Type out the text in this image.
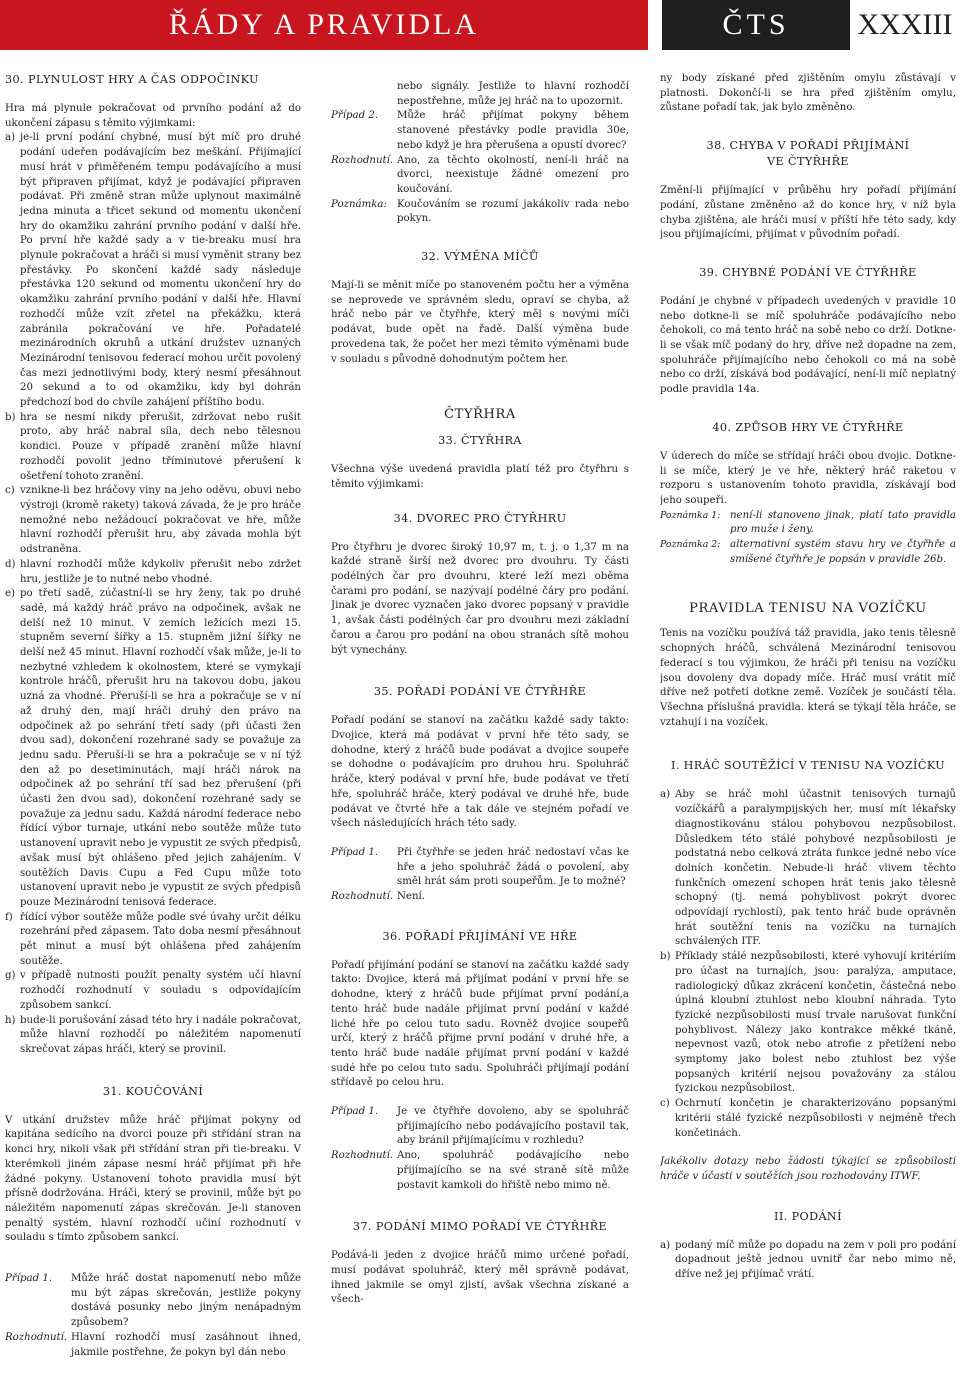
ŘÁDY A PRAVIDLA	ČTS	XXXIII
30. PLYNULOST HRY A ČAS ODPOČINKU

Hra má plynule pokračovat od prvního podání až do ukončení zápasu s těmito výjimkami:

a) je-li první podání chybné, musí být míč pro druhé podání udeřen podávajícím bez meškání. Přijímající musí hrát v přiměřeném tempu podávajícího a musí být připraven přijímat, když je podávající připraven podávat. Při změně stran může uplynout maximálně jedna minuta a třicet sekund od momentu ukončení hry do okamžiku zahrání prvního podání v další hře. Po první hře každé sady a v tie-breaku musí hra plynule pokračovat a hráči si musí vyměnit strany bez přestávky. Po skončení každé sady následuje přestávka 120 sekund od momentu ukončení hry do okamžiku zahrání prvního podání v další hře. Hlavní rozhodčí může vzít zřetel na překážku, která zabránila pokračování ve hře. Pořadatelé mezinárodních okruhů a utkání družstev uznaných Mezinárodní tenisovou federací mohou určit povolený čas mezi jednotlivými body, který nesmí přesáhnout 20 sekund a to od okamžiku, kdy byl dohrán předchozí bod do chvíle zahájení příštího bodu.
b) hra se nesmí nikdy přerušit, zdržovat nebo rušit proto, aby hráč nabral síla, dech nebo tělesnou kondici. Pouze v případě zranění může hlavní rozhodčí povolit jedno tříminutové přerušení k ošetření tohoto zranění.
c) vznikne-li bez hráčovy viny na jeho oděvu, obuvi nebo výstroji (kromě rakety) taková závada, že je pro hráče nemožné nebo nežádoucí pokračovat ve hře, může hlavní rozhodčí přerušit hru, aby závada mohla být odstraněna.
d) hlavní rozhodčí může kdykoliv přerušit nebo zdržet hru, jestliže je to nutné nebo vhodné.
e) po třetí sadě, zúčastní-li se hry ženy, tak po druhé sadě, má každý hráč právo na odpočinek, avšak ne delší než 10 minut. V zemích ležících mezi 15. stupněm severní šířky a 15. stupněm jižní šířky ne delší než 45 minut. Hlavní rozhodčí však může, je-li to nezbytné vzhledem k okolnostem, které se vymykají kontrole hráčů, přerušit hru na takovou dobu, jakou uzná za vhodné. Přeruší-li se hra a pokračuje se v ní až druhý den, mají hráči druhý den právo na odpočinek až po sehrání třetí sady (při účasti žen dvou sad), dokončení rozehrané sady se považuje za jednu sadu. Přeruší-li se hra a pokračuje se v ní týž den až po desetiminutách, mají hráči nárok na odpočinek až po sehrání tří sad bez přerušení (při účasti žen dvou sad), dokončení rozehrané sady se považuje za jednu sadu. Každá národní federace nebo řídící výbor turnaje, utkání nebo soutěže může tuto ustanovení upravit nebo je vypustit ze svých předpisů, avšak musí být ohlášeno před jejich zahájením. V soutěžích Davis Cupu a Fed Cupu může toto ustanovení upravit nebo je vypustit ze svých předpisů pouze Mezinárodní tenisová federace.
f) řídící výbor soutěže může podle své úvahy určit délku rozehrání před zápasem. Tato doba nesmí přesáhnout pět minut a musí být ohlášena před zahájením soutěže.
g) v případě nutnosti použít penalty systém učí hlavní rozhodčí rozhodnutí v souladu s odpovídajícím způsobem sankcí.
h) bude-li porušování zásad této hry i nadále pokračovat, může hlavní rozhodčí po náležitém napomenutí skrečovat zápas hráči, který se provinil.
31. KOUČOVÁNÍ

V utkání družstev může hráč přijímat pokyny od kapitána sedícího na dvorci pouze při střídání stran na konci hry, nikoli však při střídání stran při tie-breaku. V kterémkoli jiném zápase nesmí hráč přijímat při hře žádné pokyny. Ustanovení tohoto pravidla musí být přísně dodržována. Hráči, který se provinil, může být po náležitém napomenutí zápas skrečován. Je-li stanoven penaltý systém, hlavní rozhodčí učiní rozhodnutí v souladu s tímto způsobem sankcí.

Případ 1.	Může hráč dostat napomenutí nebo může mu být zápas skrečován, jestliže pokyny dostává posunky nebo jiným nenápadným způsobem?
Rozhodnutí. Hlavní rozhodčí musí zasáhnout ihned, jakmile postřehne, že pokyn byl dán nebo
nebo signály. Jestliže to hlavní rozhodčí nepostřehne, může jej hráč na to upozornit.
Případ 2.	Může hráč přijímat pokyny během stanovené přestávky podle pravidla 30e, nebo když je hra přerušena a opustí dvorec?
Rozhodnutí. Ano, za těchto okolností, není-li hráč na dvorci, neexistuje žádné omezení pro koučování.
Poznámka: Koučováním se rozumí jakákoliv rada nebo pokyn.
32. VÝMĚNA MÍČŮ

Mají-li se měnit míče po stanoveném počtu her a výměna se neprovede ve správném sledu, opraví se chyba, až hráč nebo pár ve čtyřhře, který měl s novými míči podávat, bude opět na řadě. Další výměna bude provedena tak, že počet her mezi těmito výměnami bude v souladu s původně dohodnutým počtem her.

ČTYŘHRA
33. ČTYŘHRA

Všechna výše uvedená pravidla platí též pro čtyřhru s těmito výjimkami:

34. DVOREC PRO ČTYŘHRU

Pro čtyřhru je dvorec široký 10,97 m, t. j. o 1,37 m na každé straně širší než dvorec pro dvouhru. Ty části podélných čar pro dvouhru, které leží mezi oběma čarami pro podání, se nazývají podélné čáry pro podání. Jinak je dvorec vyznačen jako dvorec popsaný v pravidle 1, avšak části podélných čar pro dvouhru mezi základní čarou a čarou pro podání na obou stranách sítě mohou být vynechány.

35. POŘADÍ PODÁNÍ VE ČTYŘHŘE

Pořadí podání se stanoví na začátku každé sady takto: Dvojice, která má podávat v první hře této sady, se dohodne, který z hráčů bude podávat a dvojice soupeře se dohodne o podávajícím pro druhou hru. Spoluhráč hráče, který podával v první hře, bude podávat ve třetí hře, spoluhráč hráče, který podával ve druhé hře, bude podávat ve čtvrté hře a tak dále ve stejném pořadí ve všech následujících hrách této sady.

Případ 1.	Při čtyřhře se jeden hráč nedostaví včas ke hře a jeho spoluhráč žádá o povolení, aby směl hrát sám proti soupeřům. Je to možné?
Rozhodnutí. Není.
36. POŘADÍ PŘIJÍMÁNÍ VE HŘE

Pořadí přijímání podání se stanoví na začátku každé sady takto: Dvojice, která má přijímat podání v první hře se dohodne, který z hráčů bude přijímat první podání,a tento hráč bude nadále přijímat první podání v každé liché hře po celou tuto sadu. Rovněž dvojice soupeřů určí, který z hráčů přijme první podání v druhé hře, a tento hráč bude nadále přijímat první podání v každé sudé hře po celou tuto sadu. Spoluhráči přijímají podání střídavě po celou hru.

Případ 1.	Je ve čtyřhře dovoleno, aby se spoluhráč přijímajícího nebo podávajícího postavil tak, aby bránil přijímajícímu v rozhledu?
Rozhodnutí. Ano, spoluhráč podávajícího nebo přijímajícího se na své straně sítě může postavit kamkoli do hřiště nebo mimo ně.
37. PODÁNÍ MIMO POŘADÍ VE ČTYŘHŘE

Podává-li jeden z dvojice hráčů mimo určené pořadí, musí podávat spoluhráč, který měl správně podávat, ihned jakmile se omyl zjistí, avšak všechna získané a všech-

ny body získané před zjištěním omylu zůstávají v platnosti. Dokončí-li se hra před zjištěním omylu, zůstane pořadí tak, jak bylo změněno.

38. CHYBA V POŘADÍ PŘIJÍMÁNÍ
VE ČTYŘHŘE

Změní-li přijímající v průběhu hry pořadí přijímání podání, zůstane změněno až do konce hry, v níž byla chyba zjištěna, ale hráči musí v příští hře této sady, kdy jsou přijímajícími, přijímat v původním pořadí.

39. CHYBNÉ PODÁNÍ VE ČTYŘHŘE

Podání je chybné v případech uvedených v pravidle 10 nebo dotkne-li se míč spoluhráče podávajícího nebo čehokoli, co má tento hráč na sobě nebo co drží. Dotkne-li se však míč podaný do hry, dříve než dopadne na zem, spoluhráče přijímajícího nebo čehokoli co má na sobě nebo co drží, získává bod podávající, není-li míč neplatný podle pravidla 14a.

40. ZPŮSOB HRY VE ČTYŘHŘE

V úderech do míče se střídají hráči obou dvojic. Dotkne-li se míče, který je ve hře, některý hráč raketou v rozporu s ustanovením tohoto pravidla, získávají bod jeho soupeři.

Poznámka 1: není-li stanoveno jinak, platí tato pravidla pro muže i ženy.
Poznámka 2: alternativní systém stavu hry ve čtyřhře a smíšené čtyřhře je popsán v pravidle 26b.
PRAVIDLA TENISU NA VOZÍČKU

Tenis na vozíčku používá táž pravidla, jako tenis tělesně schopných hráčů, schválená Mezinárodní tenisovou federací s tou výjimkou, že hráči při tenisu na vozíčku jsou dovoleny dva dopady míče. Hráč musí vrátit míč dříve než potřetí dotkne země. Vozíček je součástí těla. Všechna příslušná pravidla. která se týkají těla hráče, se vztahují i na vozíček.

I. HRÁČ SOUTĚŽÍCÍ V TENISU NA VOZÍČKU
a) Aby se hráč mohl účastnit tenisových turnajů vozíčkářů a paralympijských her, musí mít lékařsky diagnostikovánu stálou pohybovou nezpůsobilost. Důsledkem této stálé pohybové nezpůsobilosti je podstatná nebo celková ztráta funkce jedné nebo více dolních končetin. Nebude-li hráč vlivem těchto funkčních omezení schopen hrát tenis jako tělesně schopný (tj. nemá pohyblivost pokrýt dvorec odpovídají rychlostí), pak tento hráč bude oprávněn hrát soutěžní tenis na vozíčku na turnajích schválených ITF.
b) Příklady stálé nezpůsobilosti, které vyhovují kritériím pro účast na turnajích, jsou: paralýza, amputace, radiologický důkaz zkrácení končetin, částečná nebo úplná kloubní ztuhlost nebo kloubní náhrada. Tyto fyzické nezpůsobilosti musí trvale narušovat funkční pohyblivost. Nálezy jako kontrakce měkké tkáně, nepevnost vazů, otok nebo atrofie z přetížení nebo symptomy jako bolest nebo ztuhlost bez výše popsaných kritérií nejsou považovány za stálou fyzickou nezpůsobilost.
c) Ochrnutí končetin je charakterizováno popsanými kritérii stálé fyzické nezpůsobilosti v nejméně třech končetinách.

Jakékoliv dotazy nebo žádosti týkající se způsobilosti hráče v účasti v soutěžích jsou rozhodovány ITWF.

II. PODÁNÍ
a) podaný míč může po dopadu na zem v poli pro podání dopadnout ještě jednou uvnitř čar nebo mimo ně, dříve než jej přijímač vrátí.
